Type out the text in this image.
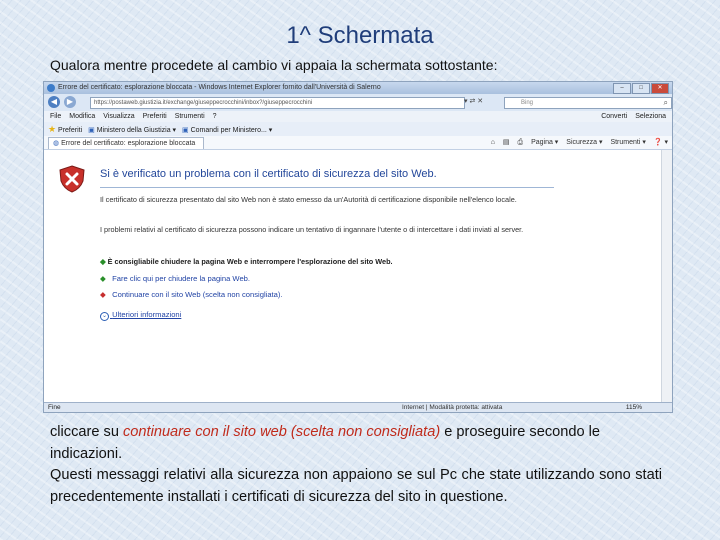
1^ Schermata
Qualora mentre procedete al cambio vi appaia la schermata sottostante:
Errore del certificato: esplorazione bloccata - Windows Internet Explorer fornito dall'Università di Salerno	–	□	✕
◀	▶	https://postaweb.giustizia.it/exchange/giuseppecrocchini/inbox?/giuseppecrocchini	▾ ⇄ ✕	Bing	⌕
File Modifica Visualizza Preferiti Strumenti ?	Converti Seleziona
★ Preferiti ▣ Ministero della Giustizia ▾ ▣ Comandi per Ministero... ▾
◍ Errore del certificato: esplorazione bloccata	⌂ ▤ ⎙ Pagina ▾ Sicurezza ▾ Strumenti ▾ ❓ ▾
Si è verificato un problema con il certificato di sicurezza del sito Web.
Il certificato di sicurezza presentato dal sito Web non è stato emesso da un'Autorità di certificazione disponibile nell'elenco locale.
I problemi relativi al certificato di sicurezza possono indicare un tentativo di ingannare l'utente o di intercettare i dati inviati al server.
◆ È consigliabile chiudere la pagina Web e interrompere l'esplorazione del sito Web.
◆ Fare clic qui per chiudere la pagina Web.
◆ Continuare con il sito Web (scelta non consigliata).
⌄ Ulteriori informazioni
Fine	Internet | Modalità protetta: attivata	115%
cliccare su continuare con il sito web (scelta non consigliata) e proseguire secondo le indicazioni.
Questi messaggi relativi alla sicurezza non appaiono se sul Pc che state utilizzando sono stati precedentemente installati i certificati di sicurezza del sito in questione.
